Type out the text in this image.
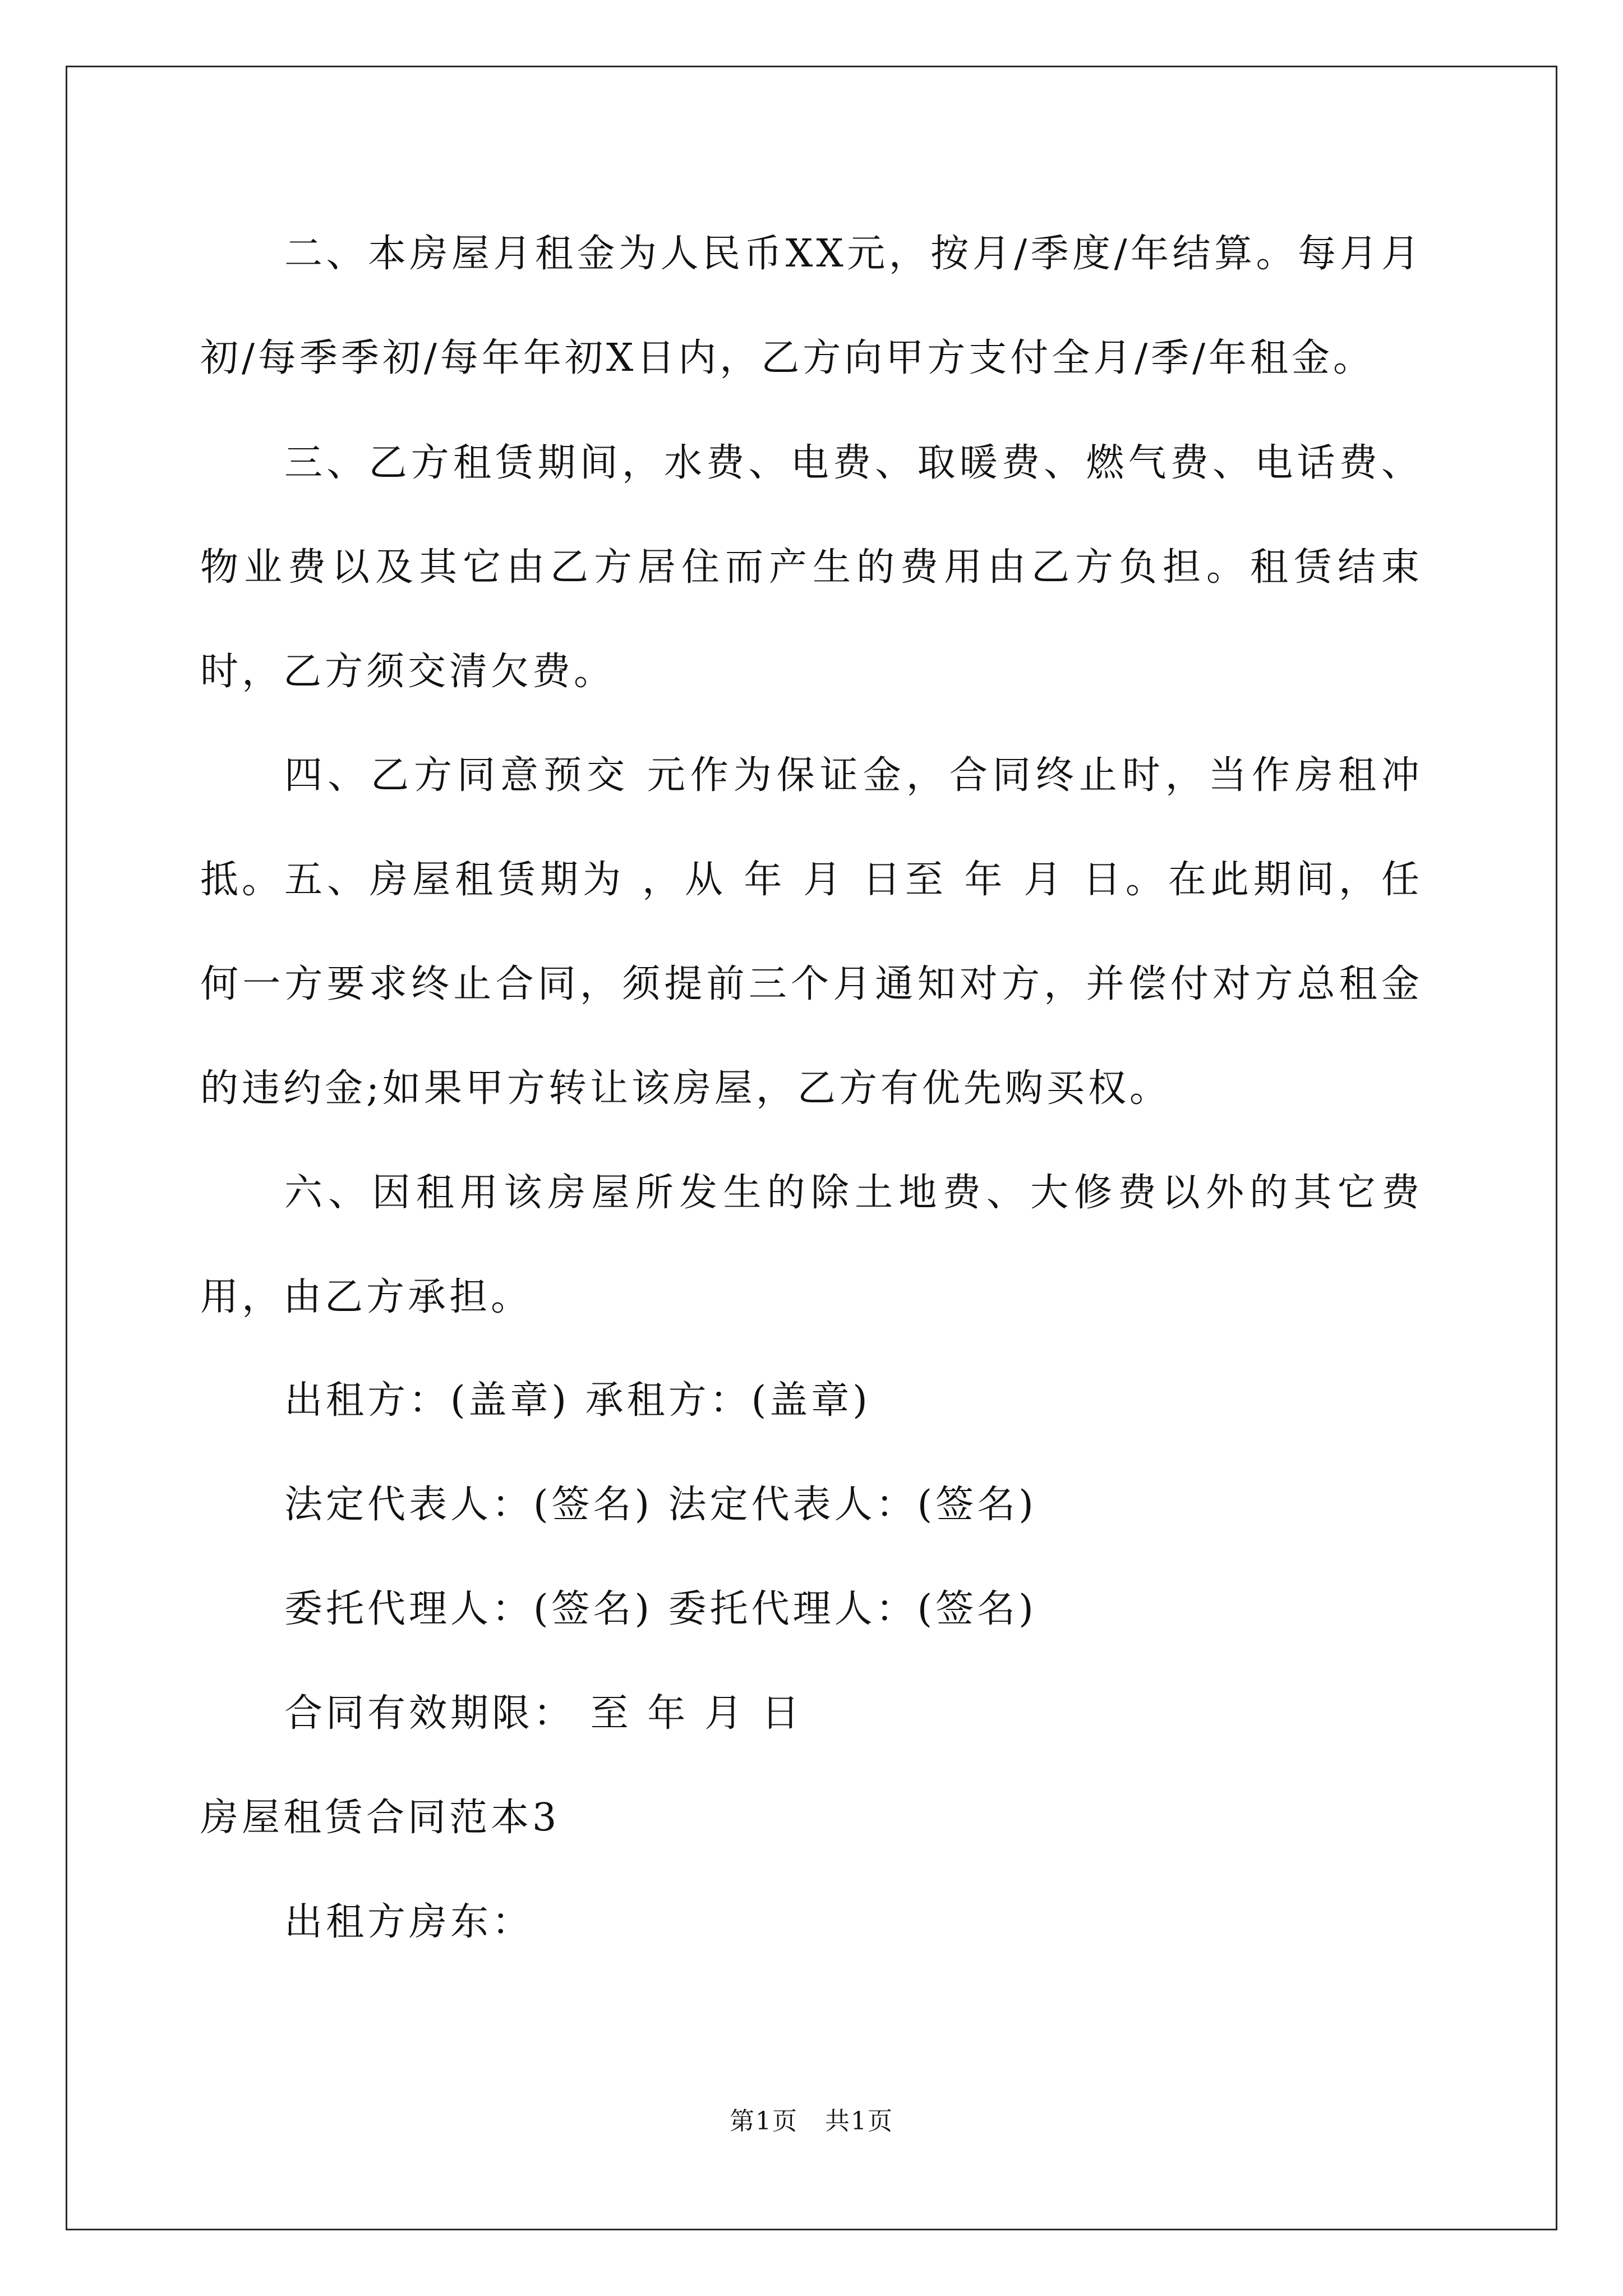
二、本房屋月租金为人民币XX元，按月/季度/年结算。每月月初/每季季初/每年年初X日内，乙方向甲方支付全月/季/年租金。

三、乙方租赁期间，水费、电费、取暖费、燃气费、电话费、物业费以及其它由乙方居住而产生的费用由乙方负担。租赁结束时，乙方须交清欠费。

四、乙方同意预交 元作为保证金，合同终止时，当作房租冲抵。 五、房屋租赁期为 ，从 年 月 日至 年 月 日。在此期间，任何一方要求终止合同，须提前三个月通知对方，并偿付对方总租金 的违约金;如果甲方转让该房屋，乙方有优先购买权。

六、因租用该房屋所发生的除土地费、大修费以外的其它费用，由乙方承担。

出租方：(盖章) 承租方：(盖章)

法定代表人：(签名) 法定代表人：(签名)

委托代理人：(签名) 委托代理人：(签名)

合同有效期限： 至 年 月 日

房屋租赁合同范本3

出租方房东：

第1页 共1页
